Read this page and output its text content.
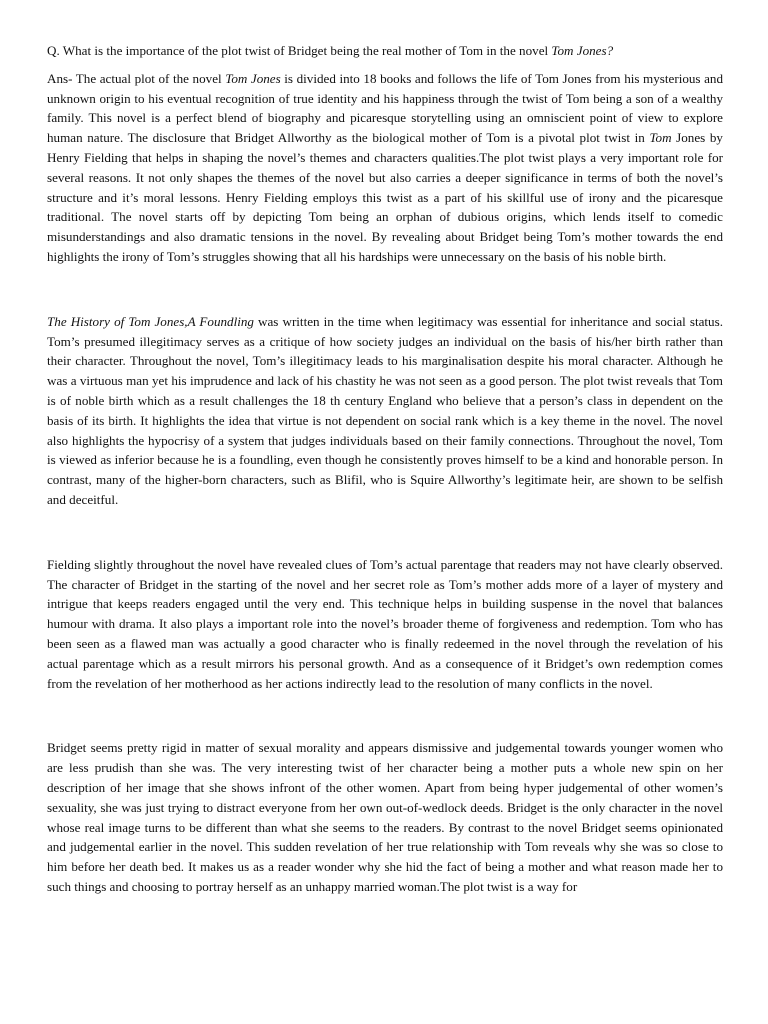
Q. What is the importance of the plot twist of Bridget being the real mother of Tom in the novel Tom Jones?

Ans- The actual plot of the novel Tom Jones is divided into 18 books and follows the life of Tom Jones from his mysterious and unknown origin to his eventual recognition of true identity and his happiness through the twist of Tom being a son of a wealthy family. This novel is a perfect blend of biography and picaresque storytelling using an omniscient point of view to explore human nature. The disclosure that Bridget Allworthy as the biological mother of Tom is a pivotal plot twist in Tom Jones by Henry Fielding that helps in shaping the novel’s themes and characters qualities.The plot twist plays a very important role for several reasons. It not only shapes the themes of the novel but also carries a deeper significance in terms of both the novel’s structure and it’s moral lessons. Henry Fielding employs this twist as a part of his skillful use of irony and the picaresque traditional. The novel starts off by depicting Tom being an orphan of dubious origins, which lends itself to comedic misunderstandings and also dramatic tensions in the novel. By revealing about Bridget being Tom’s mother towards the end highlights the irony of Tom’s struggles showing that all his hardships were unnecessary on the basis of his noble birth.

The History of Tom Jones,A Foundling was written in the time when legitimacy was essential for inheritance and social status. Tom’s presumed illegitimacy serves as a critique of how society judges an individual on the basis of his/her birth rather than their character. Throughout the novel, Tom’s illegitimacy leads to his marginalisation despite his moral character. Although he was a virtuous man yet his imprudence and lack of his chastity he was not seen as a good person. The plot twist reveals that Tom is of noble birth which as a result challenges the 18 th century England who believe that a person’s class in dependent on the basis of its birth. It highlights the idea that virtue is not dependent on social rank which is a key theme in the novel. The novel also highlights the hypocrisy of a system that judges individuals based on their family connections. Throughout the novel, Tom is viewed as inferior because he is a foundling, even though he consistently proves himself to be a kind and honorable person. In contrast, many of the higher-born characters, such as Blifil, who is Squire Allworthy’s legitimate heir, are shown to be selfish and deceitful.

Fielding slightly throughout the novel have revealed clues of Tom’s actual parentage that readers may not have clearly observed. The character of Bridget in the starting of the novel and her secret role as Tom’s mother adds more of a layer of mystery and intrigue that keeps readers engaged until the very end. This technique helps in building suspense in the novel that balances humour with drama. It also plays a important role into the novel’s broader theme of forgiveness and redemption. Tom who has been seen as a flawed man was actually a good character who is finally redeemed in the novel through the revelation of his actual parentage which as a result mirrors his personal growth. And as a consequence of it Bridget’s own redemption comes from the revelation of her motherhood as her actions indirectly lead to the resolution of many conflicts in the novel.

Bridget seems pretty rigid in matter of sexual morality and appears dismissive and judgemental towards younger women who are less prudish than she was. The very interesting twist of her character being a mother puts a whole new spin on her description of her image that she shows infront of the other women. Apart from being hyper judgemental of other women’s sexuality, she was just trying to distract everyone from her own out-of-wedlock deeds. Bridget is the only character in the novel whose real image turns to be different than what she seems to the readers. By contrast to the novel Bridget seems opinionated and judgemental earlier in the novel. This sudden revelation of her true relationship with Tom reveals why she was so close to him before her death bed. It makes us as a reader wonder why she hid the fact of being a mother and what reason made her to such things and choosing to portray herself as an unhappy married woman.The plot twist is a way for
